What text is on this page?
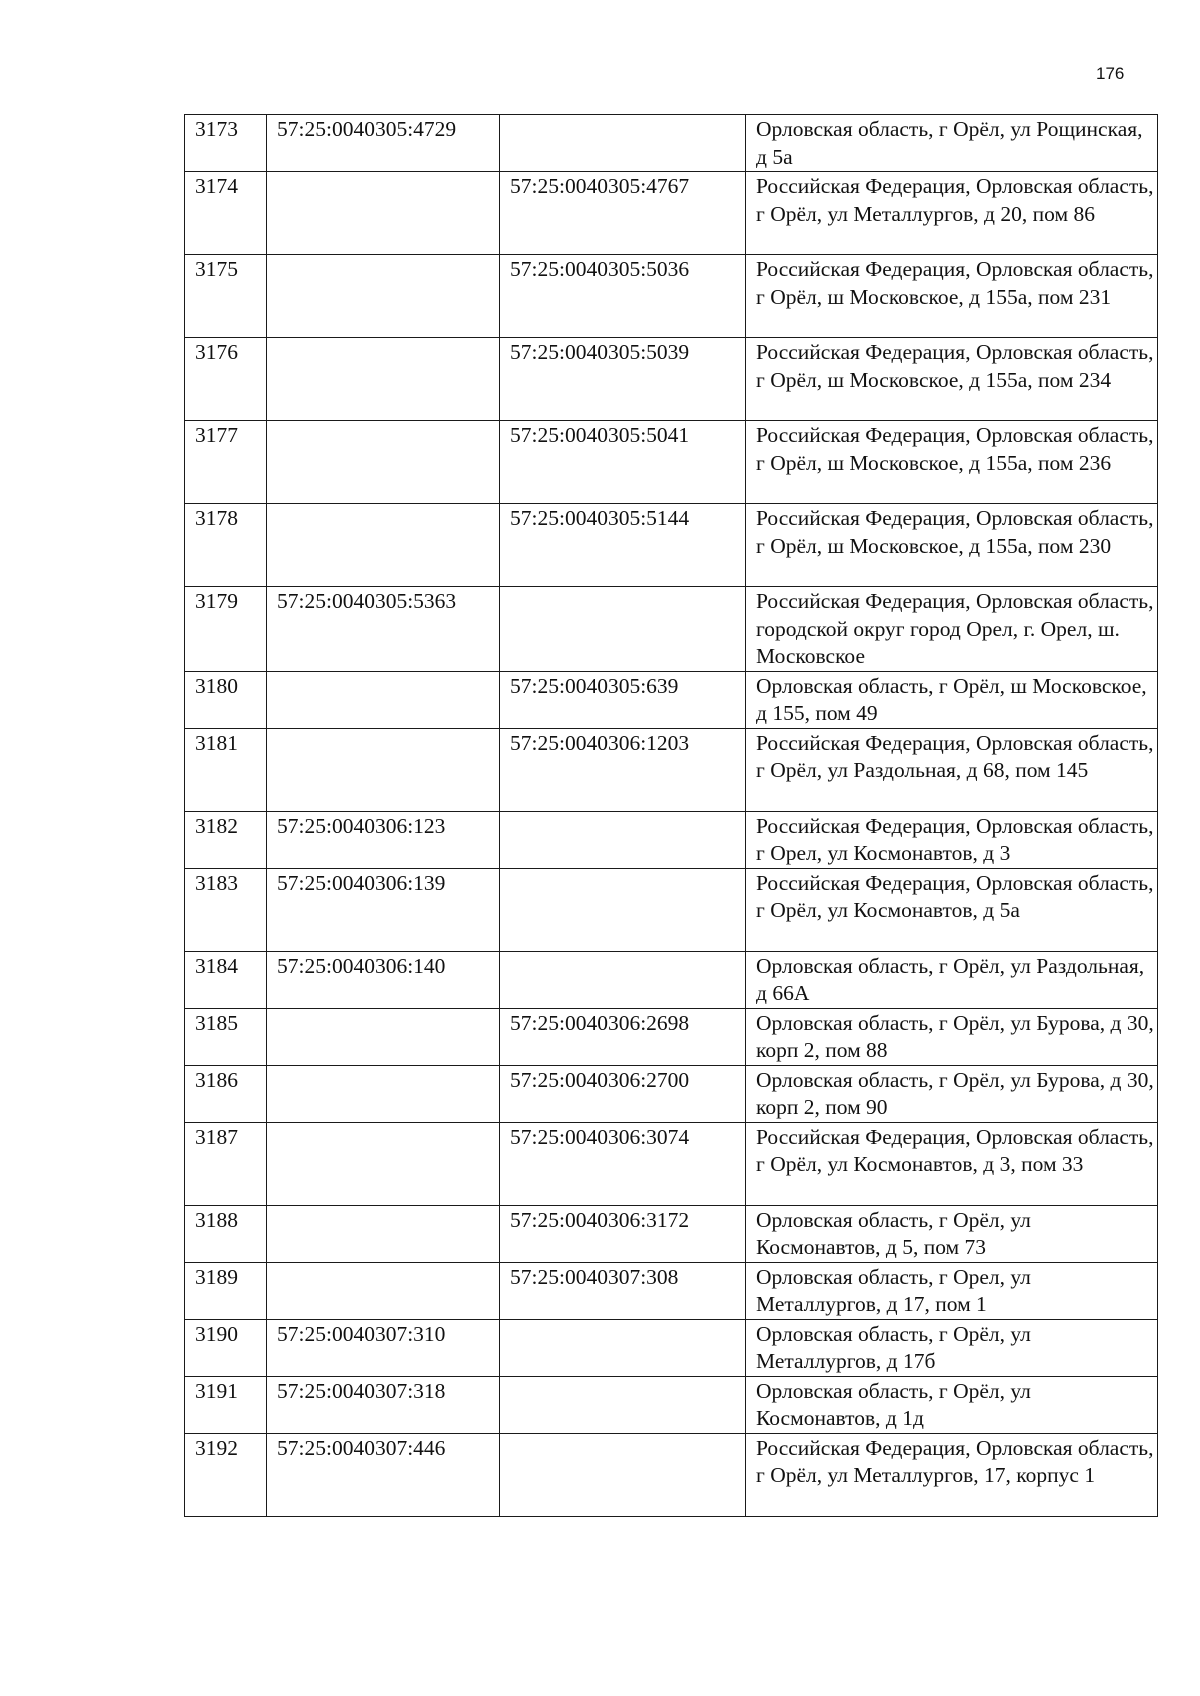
176
3173	57:25:0040305:4729		Орловская область, г Орёл, ул Рощинская, д 5а
3174		57:25:0040305:4767	Российская Федерация, Орловская область, г Орёл, ул Металлургов, д 20, пом 86
3175		57:25:0040305:5036	Российская Федерация, Орловская область, г Орёл, ш Московское, д 155а, пом 231
3176		57:25:0040305:5039	Российская Федерация, Орловская область, г Орёл, ш Московское, д 155а, пом 234
3177		57:25:0040305:5041	Российская Федерация, Орловская область, г Орёл, ш Московское, д 155а, пом 236
3178		57:25:0040305:5144	Российская Федерация, Орловская область, г Орёл, ш Московское, д 155а, пом 230
3179	57:25:0040305:5363		Российская Федерация, Орловская область, городской округ город Орел, г. Орел, ш. Московское
3180		57:25:0040305:639	Орловская область, г Орёл, ш Московское, д 155, пом 49
3181		57:25:0040306:1203	Российская Федерация, Орловская область, г Орёл, ул Раздольная, д 68, пом 145
3182	57:25:0040306:123		Российская Федерация, Орловская область, г Орел, ул Космонавтов, д 3
3183	57:25:0040306:139		Российская Федерация, Орловская область, г Орёл, ул Космонавтов, д 5а
3184	57:25:0040306:140		Орловская область, г Орёл, ул Раздольная, д 66А
3185		57:25:0040306:2698	Орловская область, г Орёл, ул Бурова, д 30, корп 2, пом 88
3186		57:25:0040306:2700	Орловская область, г Орёл, ул Бурова, д 30, корп 2, пом 90
3187		57:25:0040306:3074	Российская Федерация, Орловская область, г Орёл, ул Космонавтов, д 3, пом 33
3188		57:25:0040306:3172	Орловская область, г Орёл, ул Космонавтов, д 5, пом 73
3189		57:25:0040307:308	Орловская область, г Орел, ул Металлургов, д 17, пом 1
3190	57:25:0040307:310		Орловская область, г Орёл, ул Металлургов, д 17б
3191	57:25:0040307:318		Орловская область, г Орёл, ул Космонавтов, д 1д
3192	57:25:0040307:446		Российская Федерация, Орловская область, г Орёл, ул Металлургов, 17, корпус 1
